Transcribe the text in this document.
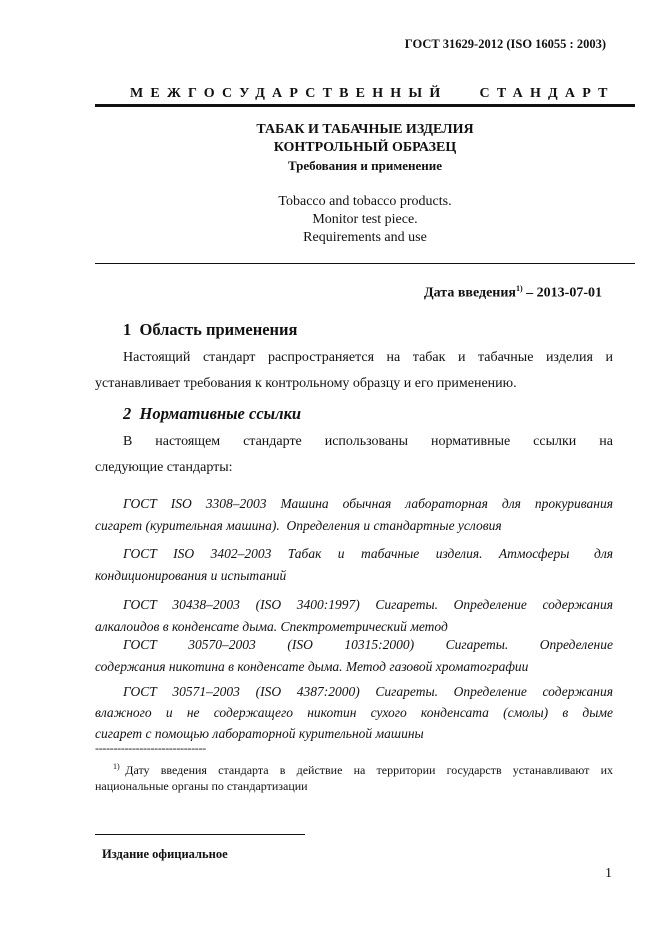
ГОСТ 31629-2012 (ISO 16055 : 2003)
МЕЖГОСУДАРСТВЕННЫЙ   СТАНДАРТ
ТАБАК И ТАБАЧНЫЕ ИЗДЕЛИЯ
КОНТРОЛЬНЫЙ ОБРАЗЕЦ
Требования и применение
Tobacco and tobacco products.
Monitor test piece.
Requirements and use
Дата введения$^{1)}$ – 2013-07-01
1  Область применения
Настоящий  стандарт  распространяется  на  табак  и  табачные  изделия  и
устанавливает требования к контрольному образцу и его применению.
2  Нормативные ссылки
В настоящем стандарте использованы нормативные ссылки на
следующие стандарты:
ГОСТ ISO 3308–2003 Машина обычная лабораторная для прокуривания
сигарет (курительная машина).  Определения и стандартные условия
ГОСТ  ISO  3402–2003  Табак  и  табачные  изделия.  Атмосферы   для
кондиционирования и испытаний
ГОСТ 30438–2003 (ISO 3400:1997) Сигареты. Определение содержания
алкалоидов в конденсате дыма. Спектрометрический метод
ГОСТ 30570–2003 (ISO 10315:2000) Сигареты. Определение
содержания никотина в конденсате дыма. Метод газовой хроматографии
ГОСТ 30571–2003 (ISO 4387:2000) Сигареты. Определение содержания
влажного  и  не  содержащего  никотин  сухого  конденсата  (смолы)  в  дыме
сигарет с помощью лабораторной курительной машины
------------------------------
$^{1)}$ Дату  введения  стандарта  в  действие  на  территории  государств  устанавливают  их
национальные органы по стандартизации
Издание официальное
1
